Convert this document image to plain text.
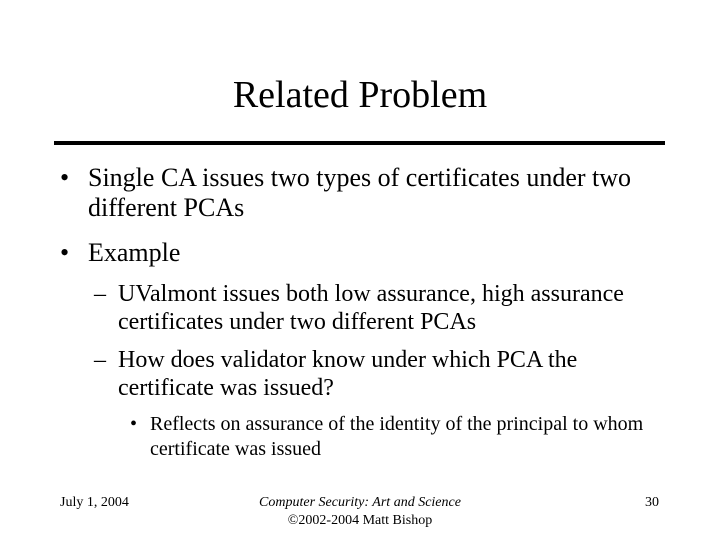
Related Problem
• Single CA issues two types of certificates under two different PCAs
• Example
– UValmont issues both low assurance, high assurance certificates under two different PCAs
– How does validator know under which PCA the certificate was issued?
• Reflects on assurance of the identity of the principal to whom certificate was issued
July 1, 2004	Computer Security: Art and Science
©2002-2004 Matt Bishop
30
